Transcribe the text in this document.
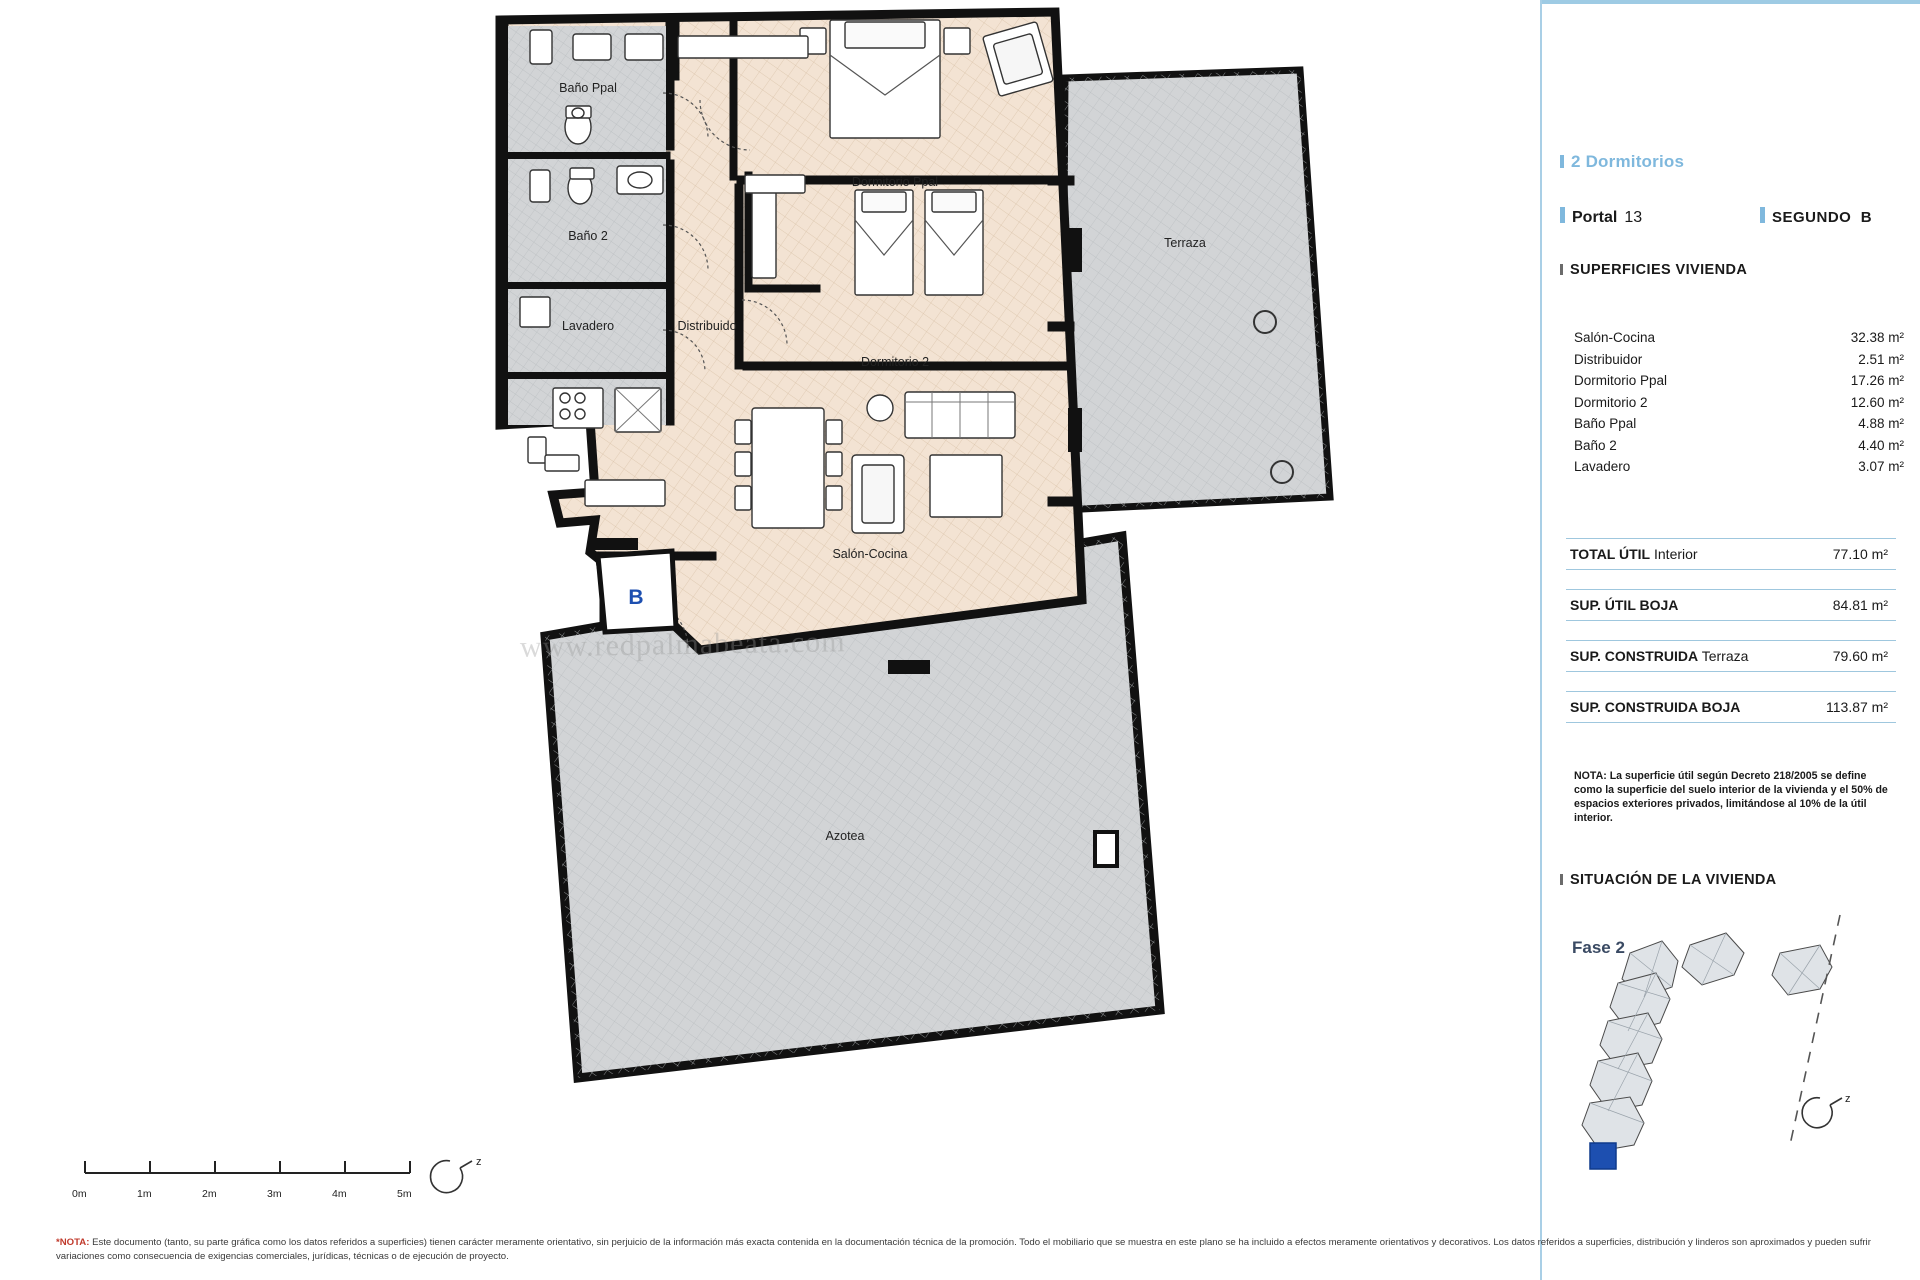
Azotea
Terraza
B
Baño Ppal
Baño 2
Lavadero	Distribuido
Dormitorio Ppal
Dormitorio 2
Salón-Cocina
www.redpalmabeata.com
0m	1m	2m	3m	4m	5m
z
2 Dormitorios
Portal 13	SEGUNDO B
SUPERFICIES VIVIENDA
Salón-Cocina	32.38 m²
Distribuidor	2.51 m²
Dormitorio Ppal	17.26 m²
Dormitorio 2	12.60 m²
Baño Ppal	4.88 m²
Baño 2	4.40 m²
Lavadero	3.07 m²
TOTAL ÚTIL Interior	77.10 m²
SUP. ÚTIL BOJA	84.81 m²
SUP. CONSTRUIDA Terraza	79.60 m²
SUP. CONSTRUIDA BOJA	113.87 m²
NOTA: La superficie útil según Decreto 218/2005 se define como la superficie del suelo interior de la vivienda y el 50% de espacios exteriores privados, limitándose al 10% de la útil interior.
SITUACIÓN DE LA VIVIENDA
Fase 2
z
*NOTA: Este documento (tanto, su parte gráfica como los datos referidos a superficies) tienen carácter meramente orientativo, sin perjuicio de la información más exacta contenida en la documentación técnica de la promoción. Todo el mobiliario que se muestra en este plano se ha incluido a efectos meramente orientativos y decorativos. Los datos referidos a superficies, distribución y linderos son aproximados y pueden sufrir variaciones como consecuencia de exigencias comerciales, jurídicas, técnicas o de ejecución de proyecto.
